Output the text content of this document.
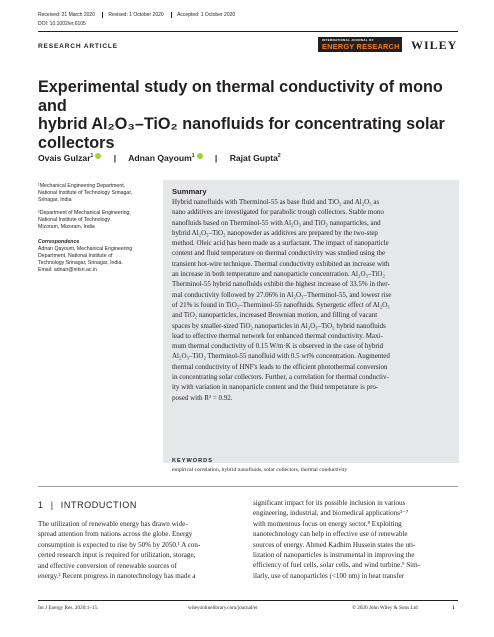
Received: 21 March 2020	Revised: 1 October 2020	Accepted: 1 October 2020
DOI: 10.1002/er.6105
RESEARCH ARTICLE
INTERNATIONAL JOURNAL OF
ENERGY RESEARCH WILEY
Experimental study on thermal conductivity of mono and
hybrid Al₂O₃–TiO₂ nanofluids for concentrating solar
collectors
Ovais Gulzar$^1$ | Adnan Qayoum$^1$ | Rajat Gupta$^2$
¹Mechanical Engineering Department,
National Institute of Technology Srinagar,
Srinagar, India
²Department of Mechanical Engineering,
National Institute of Technology
Mizoram, Mizoram, India
Correspondence
Adnan Qayoum, Mechanical Engineering
Department, National Institute of
Technology Srinagar, Srinagar, India.
Email: adnan@nitsri.ac.in
Summary
Hybrid nanofluids with Therminol-55 as base fluid and TiO₂ and Al₂O₃ as
nano additives are investigated for parabolic trough collectors. Stable mono
nanofluids based on Therminol-55 with Al₂O₃ and TiO₂ nanoparticles, and
hybrid Al₂O₃–TiO₂ nanopowder as additives are prepared by the two-step
method. Oleic acid has been made as a surfactant. The impact of nanoparticle
content and fluid temperature on thermal conductivity was studied using the
transient hot-wire technique. Thermal conductivity exhibited an increase with
an increase in both temperature and nanoparticle concentration. Al₂O₃–TiO₂
Therminol-55 hybrid nanofluids exhibit the highest increase of 33.5% in ther-
mal conductivity followed by 27.06% in Al₂O₃–Therminol-55, and lowest rise
of 21% is found in TiO₂–Therminol-55 nanofluids. Synergetic effect of Al₂O₃
and TiO₂ nanoparticles, increased Brownian motion, and filling of vacant
spaces by smaller-sized TiO₂ nanoparticles in Al₂O₃–TiO₂ hybrid nanofluids
lead to effective thermal network for enhanced thermal conductivity. Maxi-
mum thermal conductivity of 0.15 W/m·K is observed in the case of hybrid
Al₂O₃–TiO₂ Therminol-55 nanofluid with 0.5 wt% concentration. Augmented
thermal conductivity of HNF's leads to the efficient photothermal conversion
in concentrating solar collectors. Further, a correlation for thermal conductiv-
ity with variation in nanoparticle content and the fluid temperature is pro-
posed with R² = 0.92.
KEYWORDS
empirical correlation, hybrid nanofluids, solar collectors, thermal conductivity
1 | INTRODUCTION
The utilization of renewable energy has drawn wide-
spread attention from nations across the globe. Energy
consumption is expected to rise by 50% by 2050.¹ A con-
certed research input is required for utilization, storage,
and effective conversion of renewable sources of
energy.² Recent progress in nanotechnology has made a
significant impact for its possible inclusion in various
engineering, industrial, and biomedical applications³⁻⁷
with momentous focus on energy sector.⁸ Exploiting
nanotechnology can help in effective use of renewable
sources of energy. Ahmed Kadhim Hussein states the uti-
lization of nanoparticles is instrumental in improving the
efficiency of fuel cells, solar cells, and wind turbine.⁹ Sim-
ilarly, use of nanoparticles (<100 nm) in heat transfer
Int J Energy Res. 2020;1–15.	wileyonlinelibrary.com/journal/er	© 2020 John Wiley & Sons Ltd	1
